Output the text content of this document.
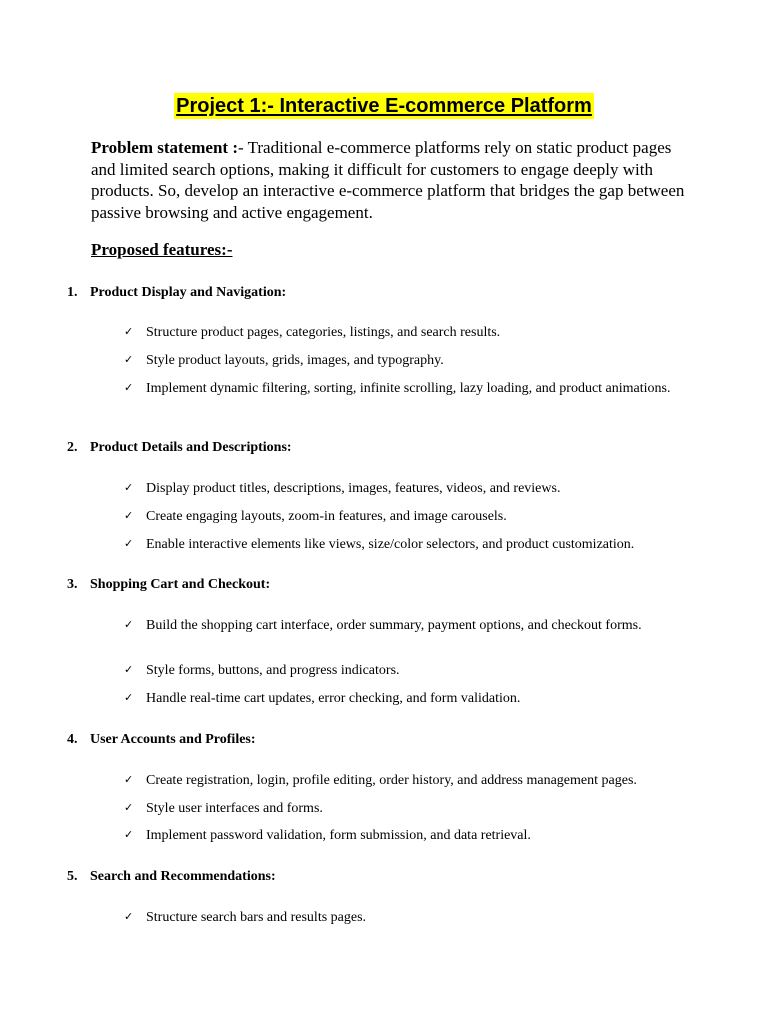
Project 1:- Interactive E-commerce Platform
Problem statement :- Traditional e-commerce platforms rely on static product pages and limited search options, making it difficult for customers to engage deeply with products. So, develop an interactive e-commerce platform that bridges the gap between passive browsing and active engagement.
Proposed features:-
1. Product Display and Navigation:
✓ Structure product pages, categories, listings, and search results.
✓ Style product layouts, grids, images, and typography.
✓ Implement dynamic filtering, sorting, infinite scrolling, lazy loading, and product animations.
2. Product Details and Descriptions:
✓ Display product titles, descriptions, images, features, videos, and reviews.
✓ Create engaging layouts, zoom-in features, and image carousels.
✓ Enable interactive elements like views, size/color selectors, and product customization.
3. Shopping Cart and Checkout:
✓ Build the shopping cart interface, order summary, payment options, and checkout forms.
✓ Style forms, buttons, and progress indicators.
✓ Handle real-time cart updates, error checking, and form validation.
4. User Accounts and Profiles:
✓ Create registration, login, profile editing, order history, and address management pages.
✓ Style user interfaces and forms.
✓ Implement password validation, form submission, and data retrieval.
5. Search and Recommendations:
✓ Structure search bars and results pages.
